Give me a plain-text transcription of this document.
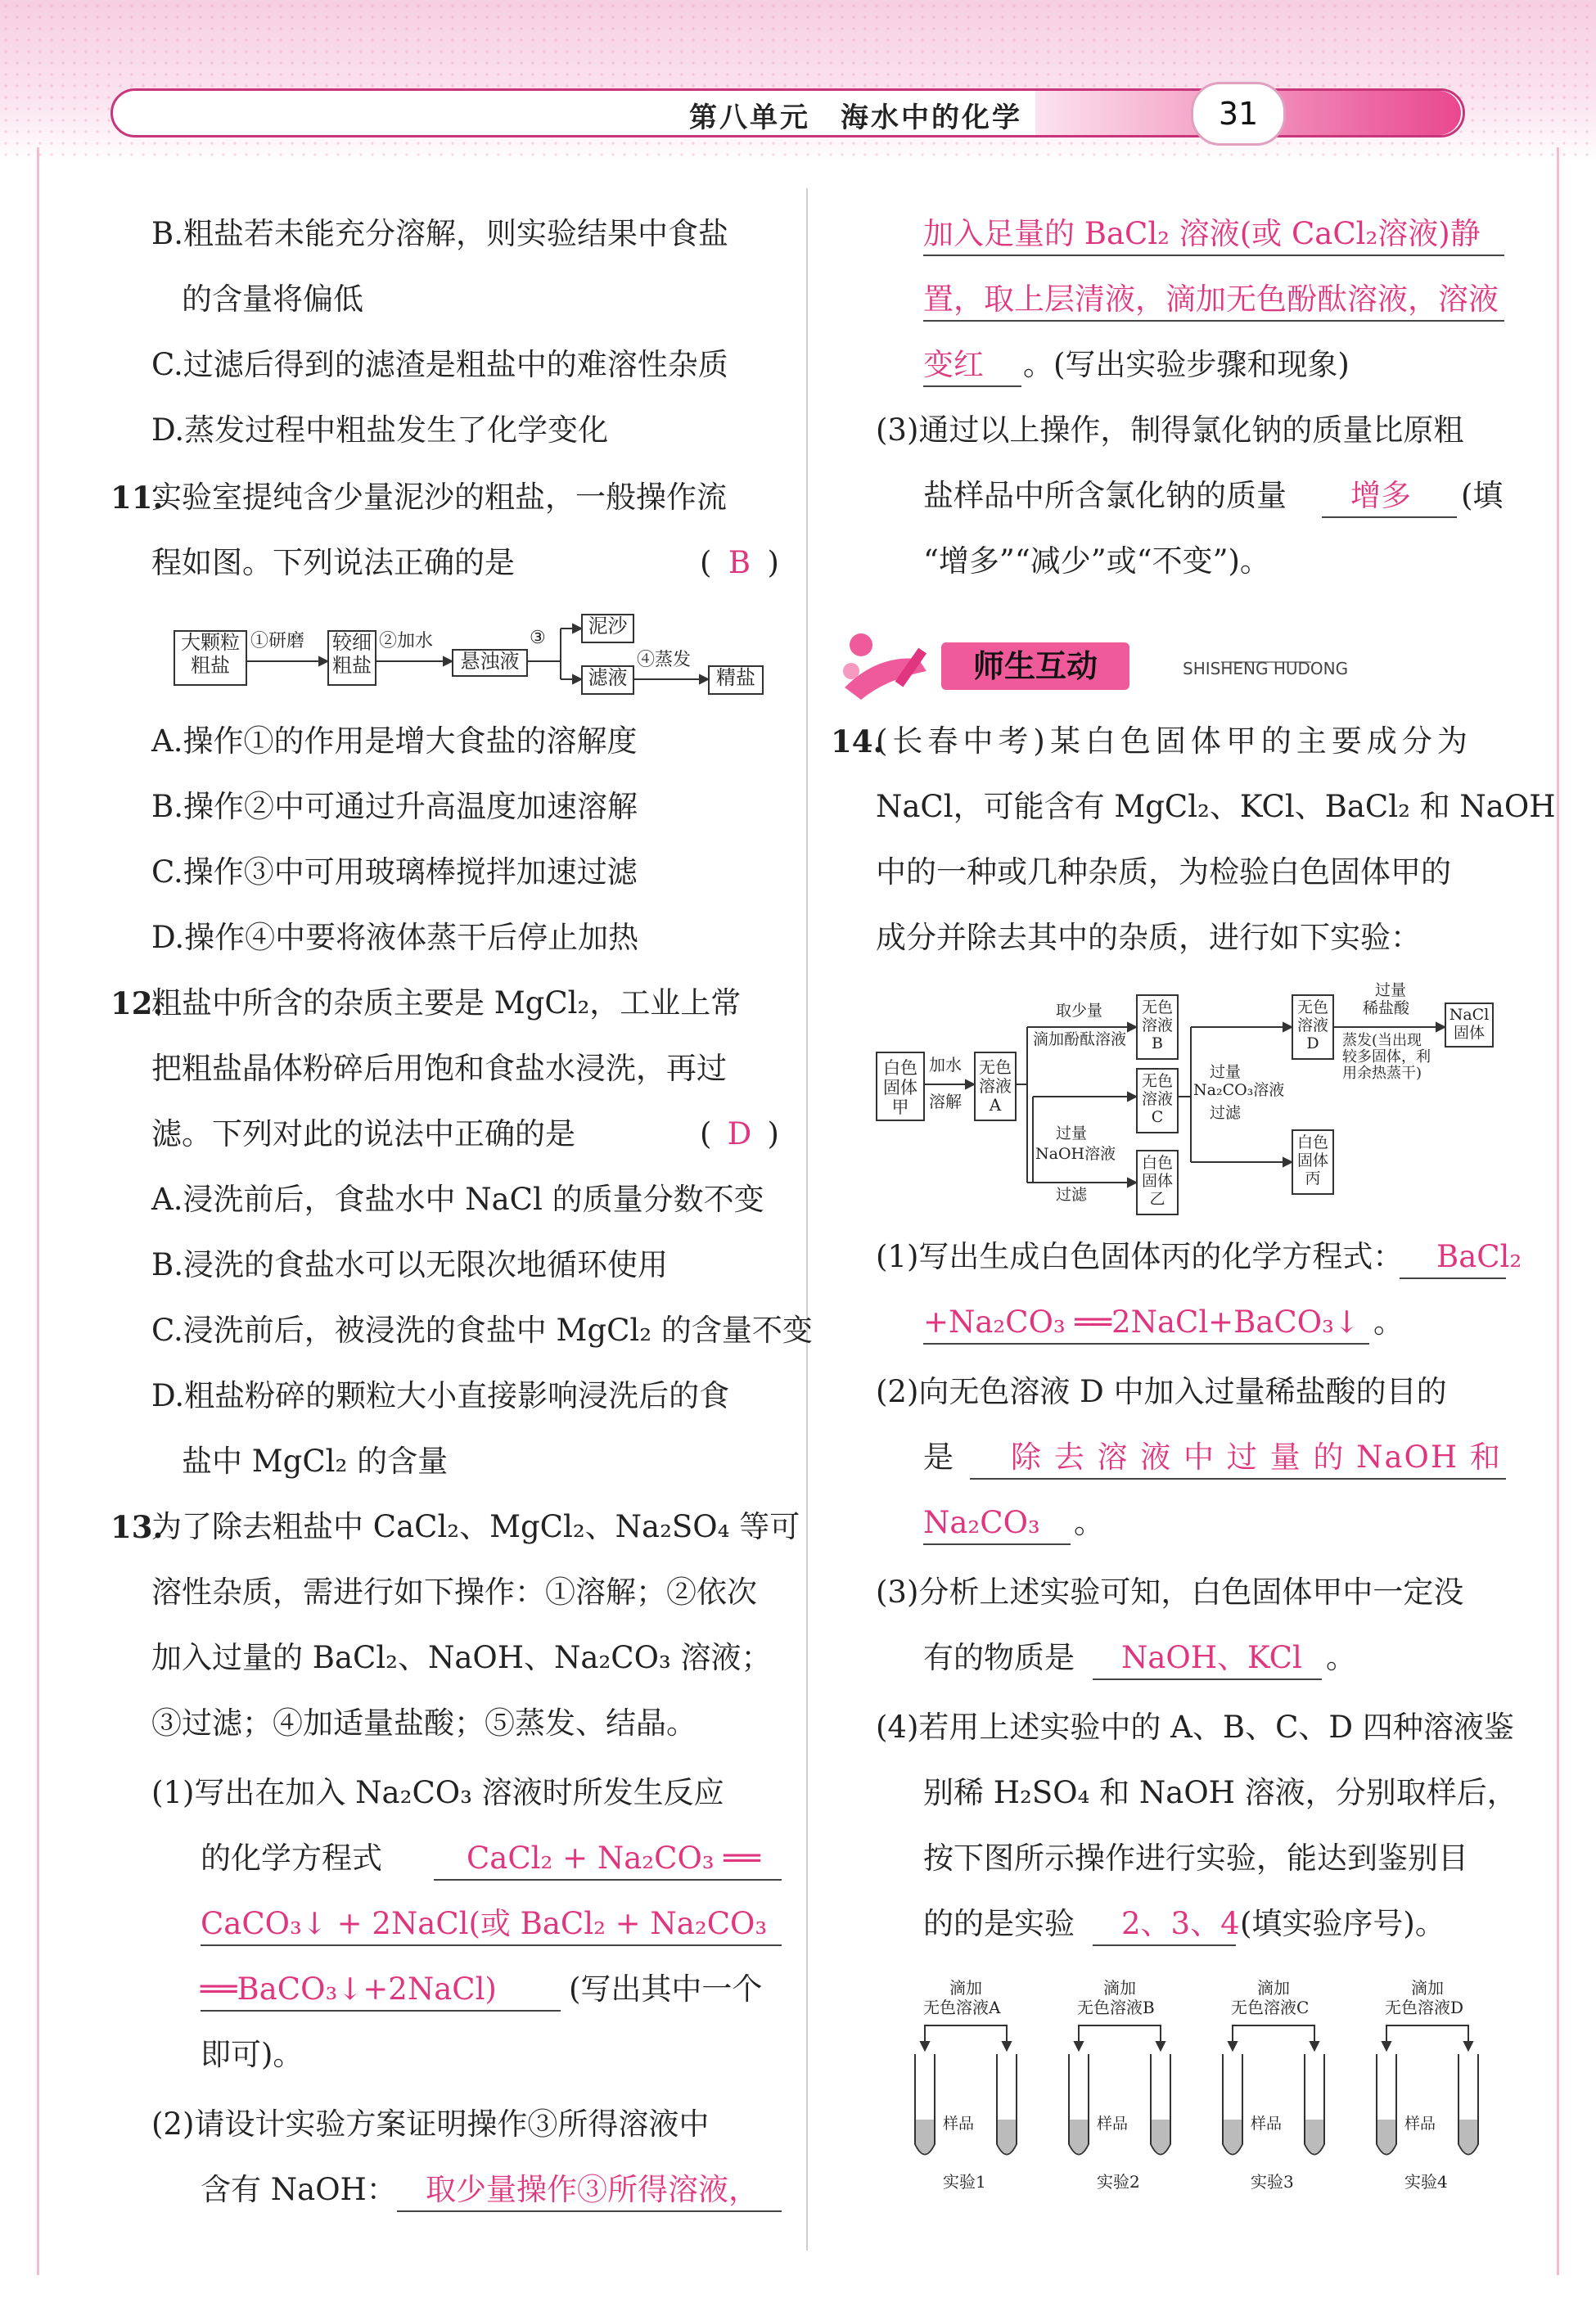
第八单元　海水中的化学	31
B.粗盐若未能充分溶解，则实验结果中食盐
的含量将偏低
C.过滤后得到的滤渣是粗盐中的难溶性杂质
D.蒸发过程中粗盐发生了化学变化
11.
实验室提纯含少量泥沙的粗盐，一般操作流
程如图。下列说法正确的是	( B )
大颗粒
粗盐
①研磨 较细
粗盐
②加水
悬浊液
③
泥沙
滤液
④蒸发
精盐
A.操作①的作用是增大食盐的溶解度
B.操作②中可通过升高温度加速溶解
C.操作③中可用玻璃棒搅拌加速过滤
D.操作④中要将液体蒸干后停止加热
12.
粗盐中所含的杂质主要是 MgCl₂，工业上常
把粗盐晶体粉碎后用饱和食盐水浸洗，再过
滤。下列对此的说法中正确的是	( D )
A.浸洗前后，食盐水中 NaCl 的质量分数不变
B.浸洗的食盐水可以无限次地循环使用
C.浸洗前后，被浸洗的食盐中 MgCl₂ 的含量不变
D.粗盐粉碎的颗粒大小直接影响浸洗后的食
盐中 MgCl₂ 的含量
13.
为了除去粗盐中 CaCl₂、MgCl₂、Na₂SO₄ 等可
溶性杂质，需进行如下操作：①溶解；②依次
加入过量的 BaCl₂、NaOH、Na₂CO₃ 溶液；
③过滤；④加适量盐酸；⑤蒸发、结晶。
(1)写出在加入 Na₂CO₃ 溶液时所发生反应
的化学方程式	CaCl₂ + Na₂CO₃ ══
CaCO₃↓ + 2NaCl(或 BaCl₂ + Na₂CO₃
══BaCO₃↓+2NaCl) (写出其中一个
即可)。
(2)请设计实验方案证明操作③所得溶液中
含有 NaOH： 取少量操作③所得溶液，
加入足量的 BaCl₂ 溶液(或 CaCl₂溶液)静
置，取上层清液，滴加无色酚酞溶液，溶液
变红 。(写出实验步骤和现象)
(3)通过以上操作，制得氯化钠的质量比原粗
盐样品中所含氯化钠的质量 增多 (填
“增多”“减少”或“不变”)。
师生互动	SHISHENG HUDONG
14.
(长春中考)某白色固体甲的主要成分为
NaCl，可能含有 MgCl₂、KCl、BaCl₂ 和 NaOH
中的一种或几种杂质，为检验白色固体甲的
成分并除去其中的杂质，进行如下实验：
白色
固体
甲
加水
溶解
无色
溶液
A
取少量
滴加酚酞溶液
无色
溶液
B
过量
NaOH溶液
过滤
无色
溶液
C
白色
固体
乙
过量
Na₂CO₃溶液
过滤
无色
溶液
D
白色
固体
丙
过量
稀盐酸
蒸发(当出现
较多固体，利
用余热蒸干)
NaCl
固体
(1)写出生成白色固体丙的化学方程式： BaCl₂
+Na₂CO₃ ══2NaCl+BaCO₃↓ 。
(2)向无色溶液 D 中加入过量稀盐酸的目的
是 除 去 溶 液 中 过 量 的 NaOH 和
Na₂CO₃ 。
(3)分析上述实验可知，白色固体甲中一定没
有的物质是 NaOH、KCl 。
(4)若用上述实验中的 A、B、C、D 四种溶液鉴
别稀 H₂SO₄ 和 NaOH 溶液，分别取样后，
按下图所示操作进行实验，能达到鉴别目
的的是实验 2、3、4 (填实验序号)。
滴加
无色溶液A
样品
实验1
滴加
无色溶液B
样品
实验2
滴加
无色溶液C
样品
实验3
滴加
无色溶液D
样品
实验4
